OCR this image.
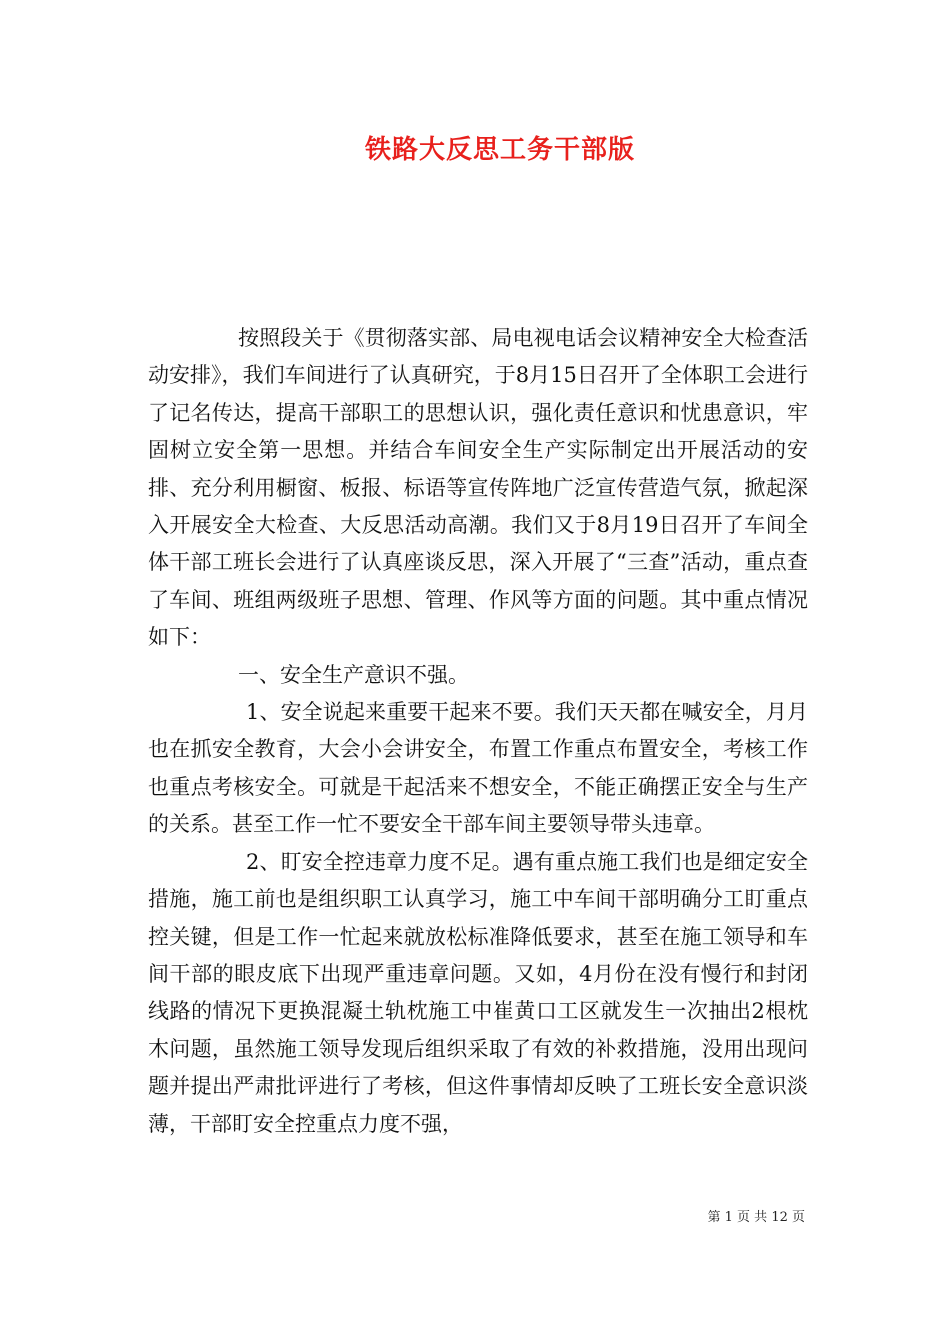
铁路大反思工务干部版

按照段关于《贯彻落实部、局电视电话会议精神安全大检查活动安排》，我们车间进行了认真研究，于8月15日召开了全体职工会进行了记名传达，提高干部职工的思想认识，强化责任意识和忧患意识，牢固树立安全第一思想。并结合车间安全生产实际制定出开展活动的安排、充分利用橱窗、板报、标语等宣传阵地广泛宣传营造气氛，掀起深入开展安全大检查、大反思活动高潮。我们又于8月19日召开了车间全体干部工班长会进行了认真座谈反思，深入开展了“三查”活动，重点查了车间、班组两级班子思想、管理、作风等方面的问题。其中重点情况如下：

一、安全生产意识不强。

1、安全说起来重要干起来不要。我们天天都在喊安全，月月也在抓安全教育，大会小会讲安全，布置工作重点布置安全，考核工作也重点考核安全。可就是干起活来不想安全，不能正确摆正安全与生产的关系。甚至工作一忙不要安全干部车间主要领导带头违章。

2、盯安全控违章力度不足。遇有重点施工我们也是细定安全措施，施工前也是组织职工认真学习，施工中车间干部明确分工盯重点控关键，但是工作一忙起来就放松标准降低要求，甚至在施工领导和车间干部的眼皮底下出现严重违章问题。又如，4月份在没有慢行和封闭线路的情况下更换混凝土轨枕施工中崔黄口工区就发生一次抽出2根枕木问题，虽然施工领导发现后组织采取了有效的补救措施，没用出现问题并提出严肃批评进行了考核，但这件事情却反映了工班长安全意识淡薄，干部盯安全控重点力度不强，

第 1 页 共 12 页
